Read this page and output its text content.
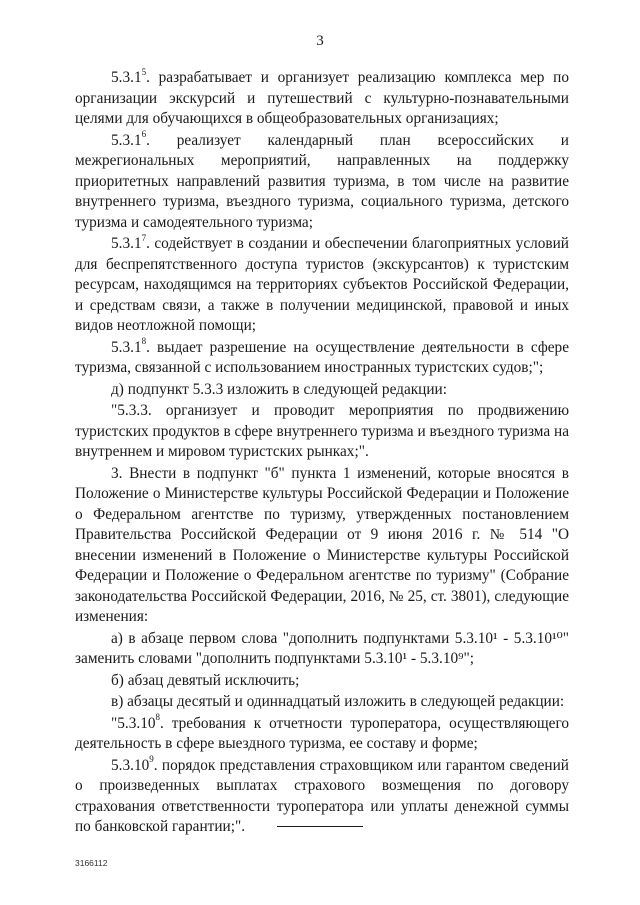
3

5.3.1$^5$. разрабатывает и организует реализацию комплекса мер по организации экскурсий и путешествий с культурно-познавательными целями для обучающихся в общеобразовательных организациях;

5.3.1$^6$. реализует календарный план всероссийских и межрегиональных мероприятий, направленных на поддержку приоритетных направлений развития туризма, в том числе на развитие внутреннего туризма, въездного туризма, социального туризма, детского туризма и самодеятельного туризма;

5.3.1$^7$. содействует в создании и обеспечении благоприятных условий для беспрепятственного доступа туристов (экскурсантов) к туристским ресурсам, находящимся на территориях субъектов Российской Федерации, и средствам связи, а также в получении медицинской, правовой и иных видов неотложной помощи;

5.3.1$^8$. выдает разрешение на осуществление деятельности в сфере туризма, связанной с использованием иностранных туристских судов;";

д) подпункт 5.3.3 изложить в следующей редакции:

"5.3.3. организует и проводит мероприятия по продвижению туристских продуктов в сфере внутреннего туризма и въездного туризма на внутреннем и мировом туристских рынках;".

3. Внести в подпункт "б" пункта 1 изменений, которые вносятся в Положение о Министерстве культуры Российской Федерации и Положение о Федеральном агентстве по туризму, утвержденных постановлением Правительства Российской Федерации от 9 июня 2016 г. № 514 "О внесении изменений в Положение о Министерстве культуры Российской Федерации и Положение о Федеральном агентстве по туризму" (Собрание законодательства Российской Федерации, 2016, № 25, ст. 3801), следующие изменения:

а) в абзаце первом слова "дополнить подпунктами 5.3.10¹ - 5.3.10¹⁰" заменить словами "дополнить подпунктами 5.3.10¹ - 5.3.10⁹";

б) абзац девятый исключить;

в) абзацы десятый и одиннадцатый изложить в следующей редакции:

"5.3.10$^8$. требования к отчетности туроператора, осуществляющего деятельность в сфере выездного туризма, ее составу и форме;

5.3.10$^9$. порядок представления страховщиком или гарантом сведений о произведенных выплатах страхового возмещения по договору страхования ответственности туроператора или уплаты денежной суммы по банковской гарантии;".

3166112
